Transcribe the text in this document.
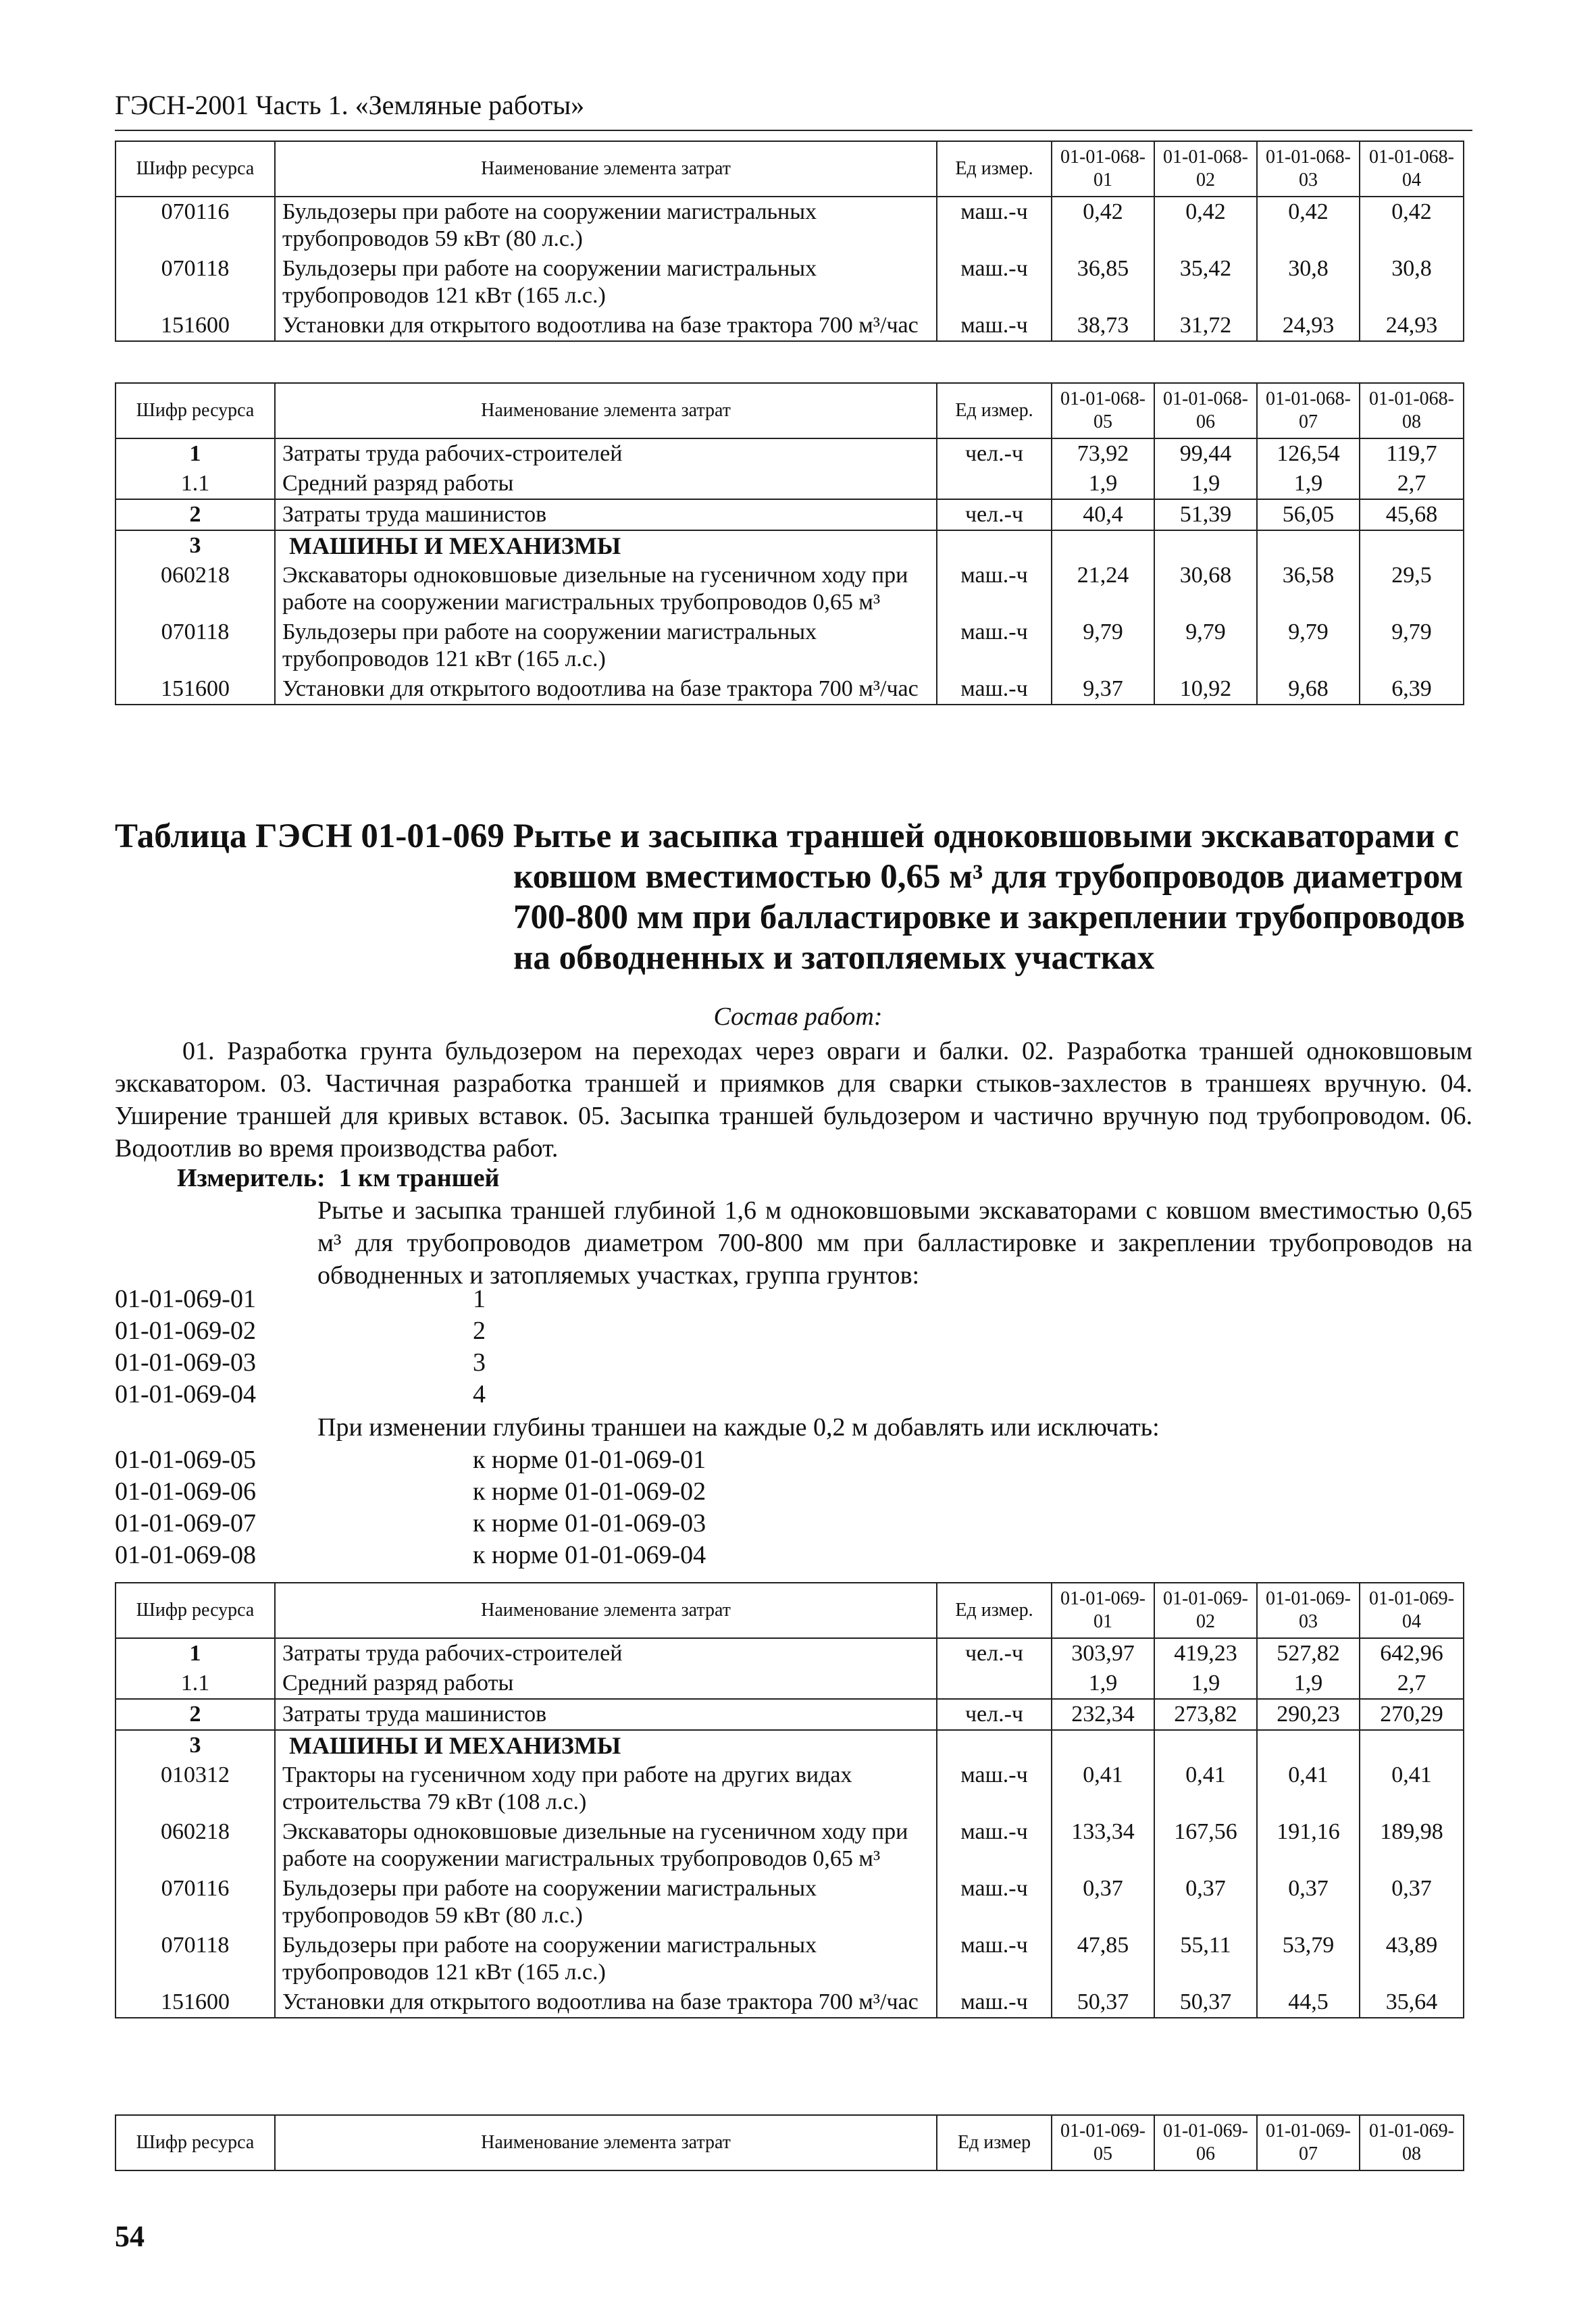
ГЭСН-2001 Часть 1. «Земляные работы»
Шифр ресурса	Наименование элемента затрат	Ед измер.	01-01-068-01	01-01-068-02	01-01-068-03	01-01-068-04
070116	Бульдозеры при работе на сооружении магистральных трубопроводов 59 кВт (80 л.с.)	маш.-ч	0,42	0,42	0,42	0,42
070118	Бульдозеры при работе на сооружении магистральных трубопроводов 121 кВт (165 л.с.)	маш.-ч	36,85	35,42	30,8	30,8
151600	Установки для открытого водоотлива на базе трактора 700 м³/час	маш.-ч	38,73	31,72	24,93	24,93
Шифр ресурса	Наименование элемента затрат	Ед измер.	01-01-068-05	01-01-068-06	01-01-068-07	01-01-068-08
1	Затраты труда рабочих-строителей	чел.-ч	73,92	99,44	126,54	119,7
1.1	Средний разряд работы		1,9	1,9	1,9	2,7
2	Затраты труда машинистов	чел.-ч	40,4	51,39	56,05	45,68
3	МАШИНЫ И МЕХАНИЗМЫ					
060218	Экскаваторы одноковшовые дизельные на гусеничном ходу при работе на сооружении магистральных трубопроводов 0,65 м³	маш.-ч	21,24	30,68	36,58	29,5
070118	Бульдозеры при работе на сооружении магистральных трубопроводов 121 кВт (165 л.с.)	маш.-ч	9,79	9,79	9,79	9,79
151600	Установки для открытого водоотлива на базе трактора 700 м³/час	маш.-ч	9,37	10,92	9,68	6,39
Таблица ГЭСН 01-01-069 Рытье и засыпка траншей одноковшовыми экскаваторами с
ковшом вместимостью 0,65 м³ для трубопроводов диаметром 700-800 мм при балластировке и закреплении трубопроводов на обводненных и затопляемых участках
Состав работ:
01. Разработка грунта бульдозером на переходах через овраги и балки. 02. Разработка траншей одноковшовым экскаватором. 03. Частичная разработка траншей и приямков для сварки стыков-захлестов в траншеях вручную. 04. Уширение траншей для кривых вставок. 05. Засыпка траншей бульдозером и частично вручную под трубопроводом. 06. Водоотлив во время производства работ.
Измеритель: 1 км траншей
Рытье и засыпка траншей глубиной 1,6 м одноковшовыми экскаваторами с ковшом вместимостью 0,65 м³ для трубопроводов диаметром 700-800 мм при балластировке и закреплении трубопроводов на обводненных и затопляемых участках, группа грунтов:
01-01-069-01	1
01-01-069-02	2
01-01-069-03	3
01-01-069-04	4
При изменении глубины траншеи на каждые 0,2 м добавлять или исключать:
01-01-069-05	к норме 01-01-069-01
01-01-069-06	к норме 01-01-069-02
01-01-069-07	к норме 01-01-069-03
01-01-069-08	к норме 01-01-069-04
Шифр ресурса	Наименование элемента затрат	Ед измер.	01-01-069-01	01-01-069-02	01-01-069-03	01-01-069-04
1	Затраты труда рабочих-строителей	чел.-ч	303,97	419,23	527,82	642,96
1.1	Средний разряд работы		1,9	1,9	1,9	2,7
2	Затраты труда машинистов	чел.-ч	232,34	273,82	290,23	270,29
3	МАШИНЫ И МЕХАНИЗМЫ					
010312	Тракторы на гусеничном ходу при работе на других видах строительства 79 кВт (108 л.с.)	маш.-ч	0,41	0,41	0,41	0,41
060218	Экскаваторы одноковшовые дизельные на гусеничном ходу при работе на сооружении магистральных трубопроводов 0,65 м³	маш.-ч	133,34	167,56	191,16	189,98
070116	Бульдозеры при работе на сооружении магистральных трубопроводов 59 кВт (80 л.с.)	маш.-ч	0,37	0,37	0,37	0,37
070118	Бульдозеры при работе на сооружении магистральных трубопроводов 121 кВт (165 л.с.)	маш.-ч	47,85	55,11	53,79	43,89
151600	Установки для открытого водоотлива на базе трактора 700 м³/час	маш.-ч	50,37	50,37	44,5	35,64
Шифр ресурса	Наименование элемента затрат	Ед измер	01-01-069-05	01-01-069-06	01-01-069-07	01-01-069-08
54
